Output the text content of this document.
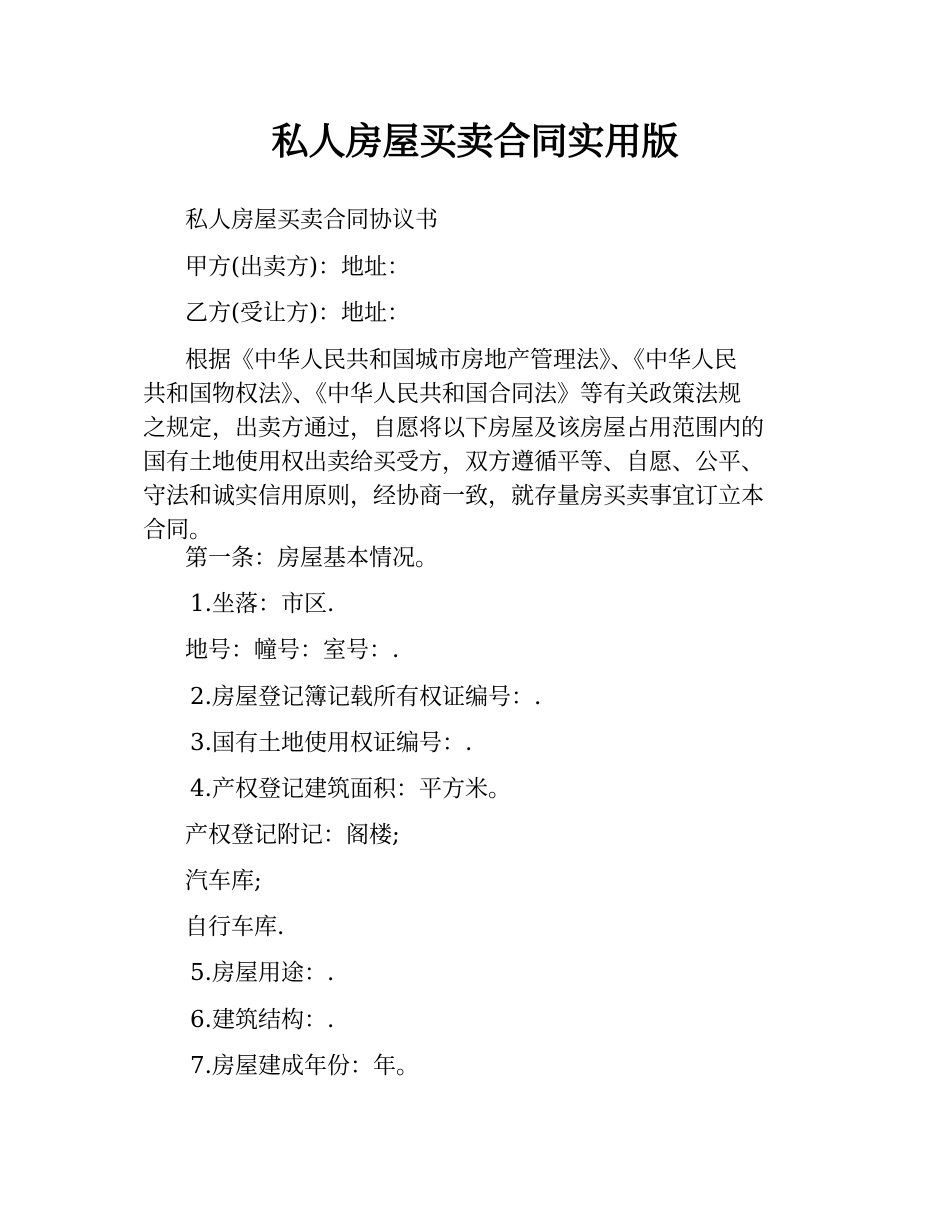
私人房屋买卖合同实用版

私人房屋买卖合同协议书

甲方(出卖方)：地址：

乙方(受让方)：地址：

根据《中华人民共和国城市房地产管理法》、《中华人民
共和国物权法》、《中华人民共和国合同法》等有关政策法规
之规定，出卖方通过，自愿将以下房屋及该房屋占用范围内的
国有土地使用权出卖给买受方，双方遵循平等、自愿、公平、
守法和诚实信用原则，经协商一致，就存量房买卖事宜订立本
合同。

第一条：房屋基本情况。

1.坐落：市区.

地号：幢号：室号：.

2.房屋登记簿记载所有权证编号：.

3.国有土地使用权证编号：.

4.产权登记建筑面积：平方米。

产权登记附记：阁楼;

汽车库;

自行车库.

5.房屋用途：.

6.建筑结构：.

7.房屋建成年份：年。
